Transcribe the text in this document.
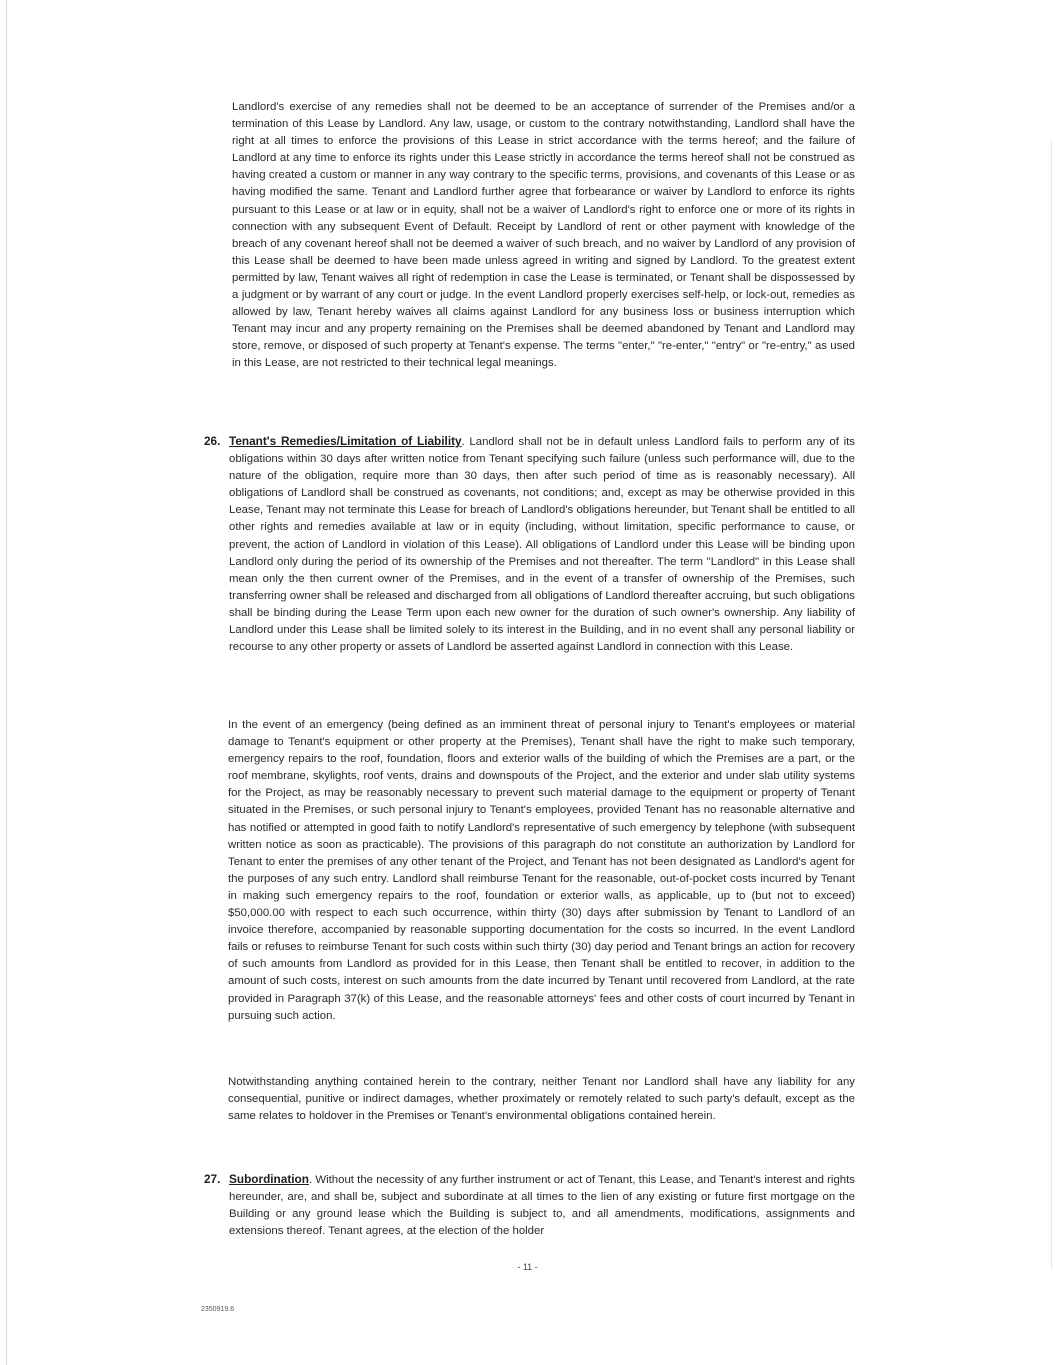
Landlord's exercise of any remedies shall not be deemed to be an acceptance of surrender of the Premises and/or a termination of this Lease by Landlord. Any law, usage, or custom to the contrary notwithstanding, Landlord shall have the right at all times to enforce the provisions of this Lease in strict accordance with the terms hereof; and the failure of Landlord at any time to enforce its rights under this Lease strictly in accordance the terms hereof shall not be construed as having created a custom or manner in any way contrary to the specific terms, provisions, and covenants of this Lease or as having modified the same. Tenant and Landlord further agree that forbearance or waiver by Landlord to enforce its rights pursuant to this Lease or at law or in equity, shall not be a waiver of Landlord's right to enforce one or more of its rights in connection with any subsequent Event of Default. Receipt by Landlord of rent or other payment with knowledge of the breach of any covenant hereof shall not be deemed a waiver of such breach, and no waiver by Landlord of any provision of this Lease shall be deemed to have been made unless agreed in writing and signed by Landlord. To the greatest extent permitted by law, Tenant waives all right of redemption in case the Lease is terminated, or Tenant shall be dispossessed by a judgment or by warrant of any court or judge. In the event Landlord properly exercises self-help, or lock-out, remedies as allowed by law, Tenant hereby waives all claims against Landlord for any business loss or business interruption which Tenant may incur and any property remaining on the Premises shall be deemed abandoned by Tenant and Landlord may store, remove, or disposed of such property at Tenant's expense. The terms "enter," "re-enter," "entry" or "re-entry," as used in this Lease, are not restricted to their technical legal meanings.

26. Tenant's Remedies/Limitation of Liability. Landlord shall not be in default unless Landlord fails to perform any of its obligations within 30 days after written notice from Tenant specifying such failure (unless such performance will, due to the nature of the obligation, require more than 30 days, then after such period of time as is reasonably necessary). All obligations of Landlord shall be construed as covenants, not conditions; and, except as may be otherwise provided in this Lease, Tenant may not terminate this Lease for breach of Landlord's obligations hereunder, but Tenant shall be entitled to all other rights and remedies available at law or in equity (including, without limitation, specific performance to cause, or prevent, the action of Landlord in violation of this Lease). All obligations of Landlord under this Lease will be binding upon Landlord only during the period of its ownership of the Premises and not thereafter. The term "Landlord" in this Lease shall mean only the then current owner of the Premises, and in the event of a transfer of ownership of the Premises, such transferring owner shall be released and discharged from all obligations of Landlord thereafter accruing, but such obligations shall be binding during the Lease Term upon each new owner for the duration of such owner's ownership. Any liability of Landlord under this Lease shall be limited solely to its interest in the Building, and in no event shall any personal liability or recourse to any other property or assets of Landlord be asserted against Landlord in connection with this Lease.

In the event of an emergency (being defined as an imminent threat of personal injury to Tenant's employees or material damage to Tenant's equipment or other property at the Premises), Tenant shall have the right to make such temporary, emergency repairs to the roof, foundation, floors and exterior walls of the building of which the Premises are a part, or the roof membrane, skylights, roof vents, drains and downspouts of the Project, and the exterior and under slab utility systems for the Project, as may be reasonably necessary to prevent such material damage to the equipment or property of Tenant situated in the Premises, or such personal injury to Tenant's employees, provided Tenant has no reasonable alternative and has notified or attempted in good faith to notify Landlord's representative of such emergency by telephone (with subsequent written notice as soon as practicable). The provisions of this paragraph do not constitute an authorization by Landlord for Tenant to enter the premises of any other tenant of the Project, and Tenant has not been designated as Landlord's agent for the purposes of any such entry. Landlord shall reimburse Tenant for the reasonable, out-of-pocket costs incurred by Tenant in making such emergency repairs to the roof, foundation or exterior walls, as applicable, up to (but not to exceed) $50,000.00 with respect to each such occurrence, within thirty (30) days after submission by Tenant to Landlord of an invoice therefore, accompanied by reasonable supporting documentation for the costs so incurred. In the event Landlord fails or refuses to reimburse Tenant for such costs within such thirty (30) day period and Tenant brings an action for recovery of such amounts from Landlord as provided for in this Lease, then Tenant shall be entitled to recover, in addition to the amount of such costs, interest on such amounts from the date incurred by Tenant until recovered from Landlord, at the rate provided in Paragraph 37(k) of this Lease, and the reasonable attorneys' fees and other costs of court incurred by Tenant in pursuing such action.

Notwithstanding anything contained herein to the contrary, neither Tenant nor Landlord shall have any liability for any consequential, punitive or indirect damages, whether proximately or remotely related to such party's default, except as the same relates to holdover in the Premises or Tenant's environmental obligations contained herein.

27. Subordination. Without the necessity of any further instrument or act of Tenant, this Lease, and Tenant's interest and rights hereunder, are, and shall be, subject and subordinate at all times to the lien of any existing or future first mortgage on the Building or any ground lease which the Building is subject to, and all amendments, modifications, assignments and extensions thereof. Tenant agrees, at the election of the holder

- 11 -
2350919.6
